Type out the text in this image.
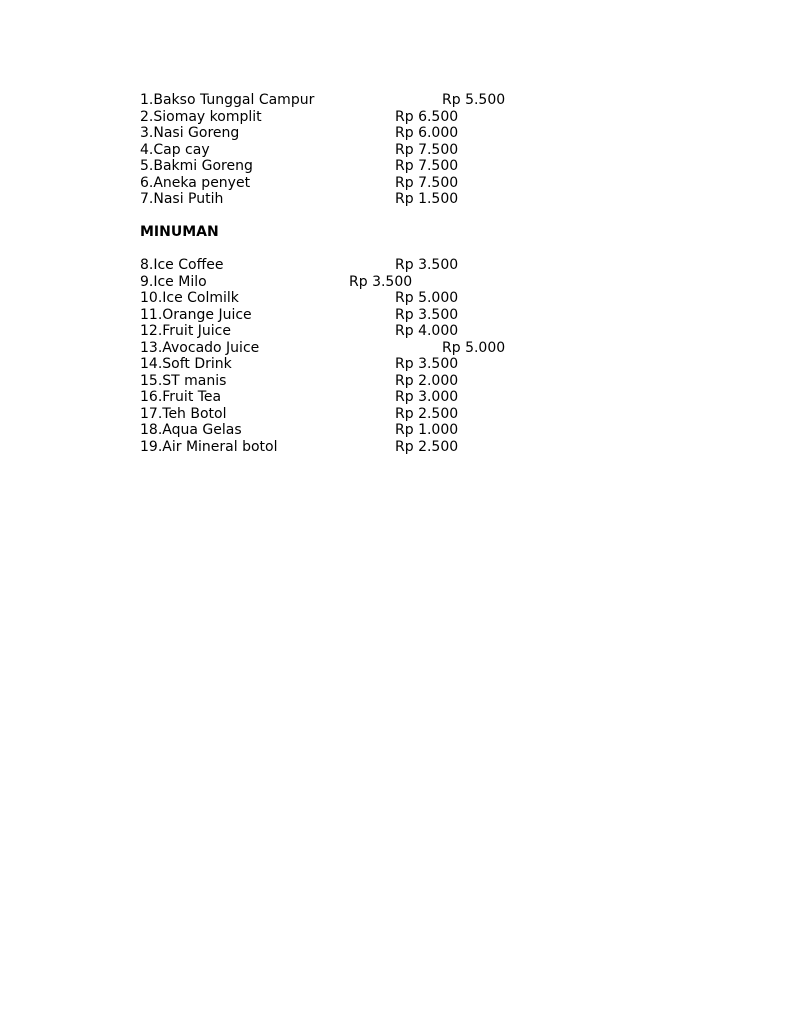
1.Bakso Tunggal Campur	Rp 5.500
2.Siomay komplit	Rp 6.500
3.Nasi Goreng	Rp 6.000
4.Cap cay	Rp 7.500
5.Bakmi Goreng	Rp 7.500
6.Aneka penyet	Rp 7.500
7.Nasi Putih	Rp 1.500
MINUMAN
8.Ice Coffee	Rp 3.500
9.Ice Milo	Rp 3.500
10.Ice Colmilk	Rp 5.000
11.Orange Juice	Rp 3.500
12.Fruit Juice	Rp 4.000
13.Avocado Juice	Rp 5.000
14.Soft Drink	Rp 3.500
15.ST manis	Rp 2.000
16.Fruit Tea	Rp 3.000
17.Teh Botol	Rp 2.500
18.Aqua Gelas	Rp 1.000
19.Air Mineral botol	Rp 2.500
